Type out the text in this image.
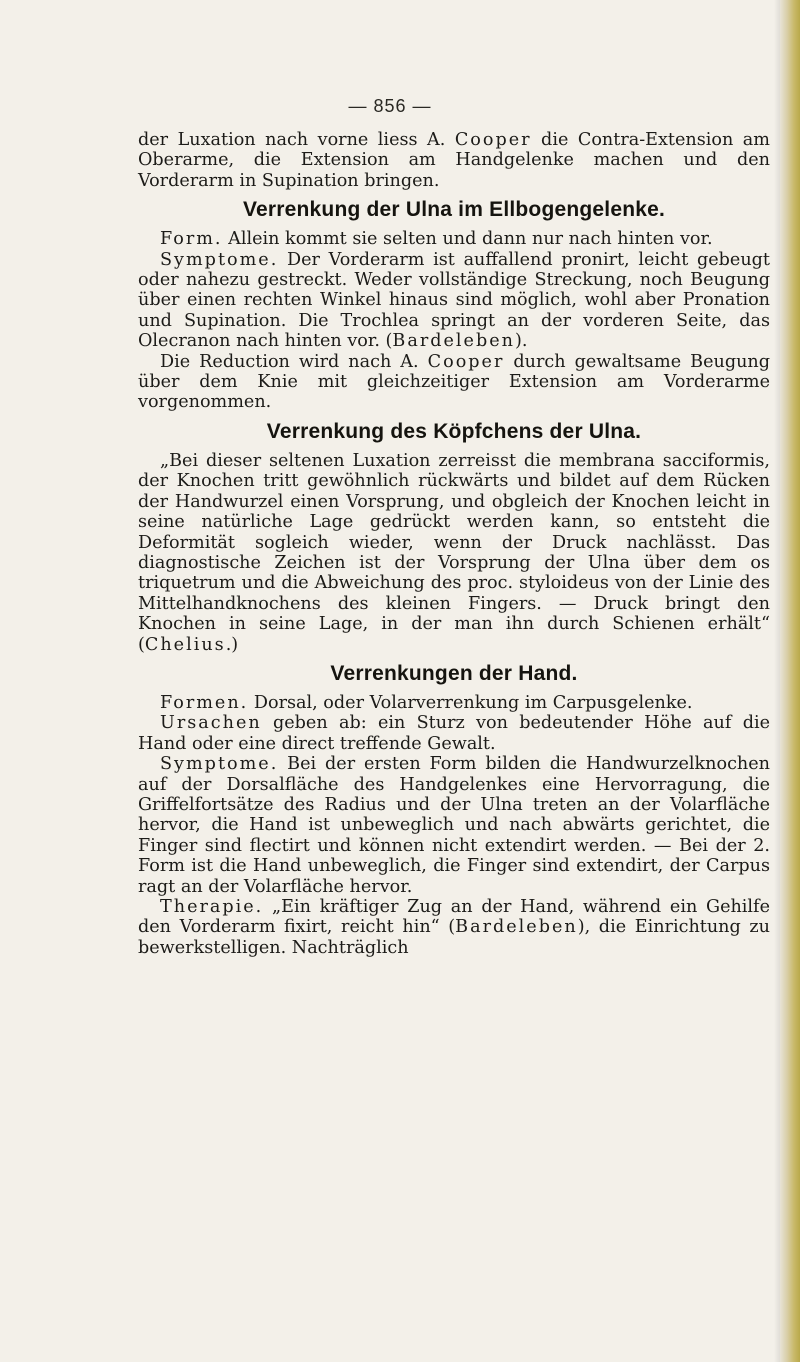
— 856 —

der Luxation nach vorne liess A. Cooper die Contra-Extension am Oberarme, die Extension am Handgelenke machen und den Vorderarm in Supination bringen.

Verrenkung der Ulna im Ellbogengelenke.

Form. Allein kommt sie selten und dann nur nach hinten vor.

Symptome. Der Vorderarm ist auffallend pronirt, leicht gebeugt oder nahezu gestreckt. Weder vollständige Streckung, noch Beugung über einen rechten Winkel hinaus sind möglich, wohl aber Pronation und Supination. Die Trochlea springt an der vorderen Seite, das Olecranon nach hinten vor. (Bardeleben).

Die Reduction wird nach A. Cooper durch gewaltsame Beugung über dem Knie mit gleichzeitiger Extension am Vorderarme vorgenommen.

Verrenkung des Köpfchens der Ulna.

„Bei dieser seltenen Luxation zerreisst die membrana sacciformis, der Knochen tritt gewöhnlich rückwärts und bildet auf dem Rücken der Handwurzel einen Vorsprung, und obgleich der Knochen leicht in seine natürliche Lage gedrückt werden kann, so entsteht die Deformität sogleich wieder, wenn der Druck nachlässt. Das diagnostische Zeichen ist der Vorsprung der Ulna über dem os triquetrum und die Abweichung des proc. styloideus von der Linie des Mittelhandknochens des kleinen Fingers. — Druck bringt den Knochen in seine Lage, in der man ihn durch Schienen erhält“ (Chelius.)

Verrenkungen der Hand.

Formen. Dorsal, oder Volarverrenkung im Carpusgelenke.

Ursachen geben ab: ein Sturz von bedeutender Höhe auf die Hand oder eine direct treffende Gewalt.

Symptome. Bei der ersten Form bilden die Handwurzelknochen auf der Dorsalfläche des Handgelenkes eine Hervorragung, die Griffelfortsätze des Radius und der Ulna treten an der Volarfläche hervor, die Hand ist unbeweglich und nach abwärts gerichtet, die Finger sind flectirt und können nicht extendirt werden. — Bei der 2. Form ist die Hand unbeweglich, die Finger sind extendirt, der Carpus ragt an der Volarfläche hervor.

Therapie. „Ein kräftiger Zug an der Hand, während ein Gehilfe den Vorderarm fixirt, reicht hin“ (Bardeleben), die Einrichtung zu bewerkstelligen. Nachträglich
